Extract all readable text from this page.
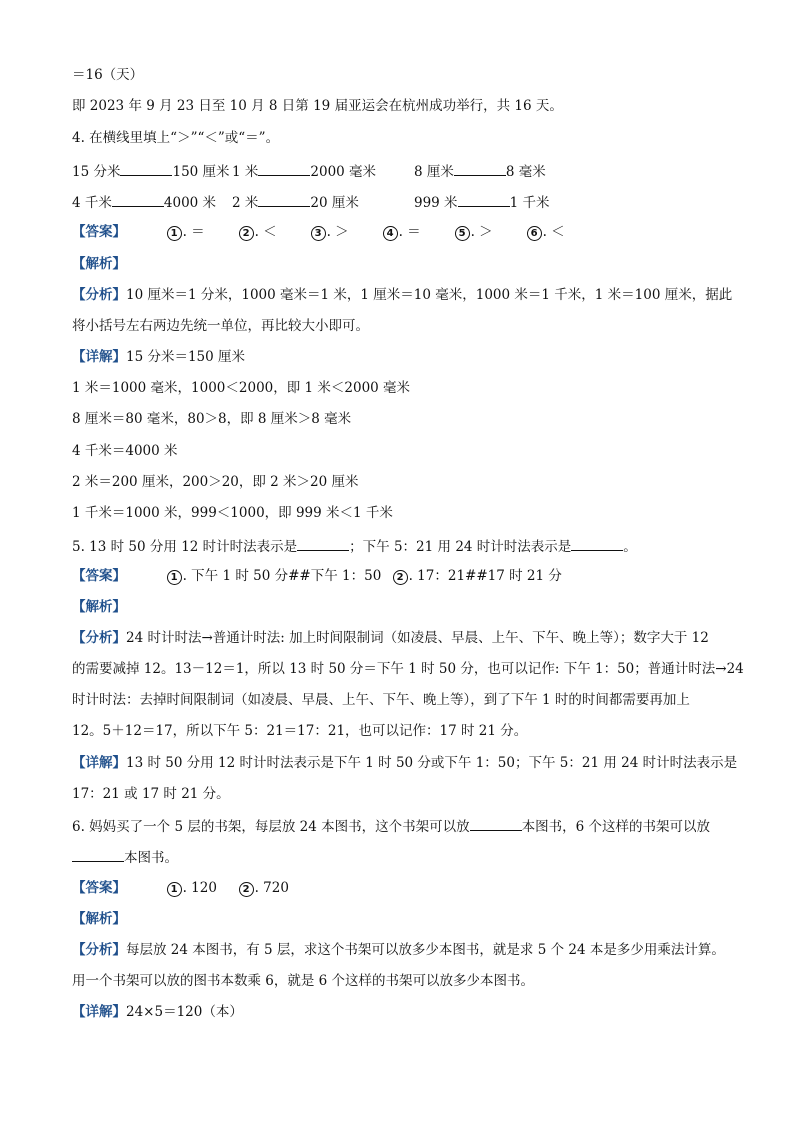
＝16（天）
即 2023 年 9 月 23 日至 10 月 8 日第 19 届亚运会在杭州成功举行，共 16 天。
4. 在横线里填上“＞”“＜”或“＝”。
15 分米	150 厘米 1 米	2000 毫米	8 厘米	8 毫米
4 千米	4000 米 2 米	20 厘米	999 米	1 千米
【答案】	1 . ＝	2 . ＜	3 . ＞	4 . ＝	5 . ＞	6 . ＜
【解析】
【分析】10 厘米＝1 分米，1000 毫米＝1 米，1 厘米＝10 毫米，1000 米＝1 千米，1 米＝100 厘米，据此
将小括号左右两边先统一单位，再比较大小即可。
【详解】15 分米＝150 厘米
1 米＝1000 毫米，1000＜2000，即 1 米＜2000 毫米
8 厘米＝80 毫米，80＞8，即 8 厘米＞8 毫米
4 千米＝4000 米
2 米＝200 厘米，200＞20，即 2 米＞20 厘米
1 千米＝1000 米，999＜1000，即 999 米＜1 千米
5. 13 时 50 分用 12 时计时法表示是	；下午 5：21 用 24 时计时法表示是	。
【答案】	1 . 下午 1 时 50 分##下午 1：50 2 . 17：21##17 时 21 分
【解析】
【分析】24 时计时法→普通计时法: 加上时间限制词（如凌晨、早晨、上午、下午、晚上等）；数字大于 12
的需要减掉 12。13－12＝1，所以 13 时 50 分＝下午 1 时 50 分，也可以记作: 下午 1：50；普通计时法→24
时计时法：去掉时间限制词（如凌晨、早晨、上午、下午、晚上等），到了下午 1 时的时间都需要再加上
12。5＋12＝17，所以下午 5：21＝17：21，也可以记作：17 时 21 分。
【详解】13 时 50 分用 12 时计时法表示是下午 1 时 50 分或下午 1：50；下午 5：21 用 24 时计时法表示是
17：21 或 17 时 21 分。
6. 妈妈买了一个 5 层的书架，每层放 24 本图书，这个书架可以放	本图书，6 个这样的书架可以放
本图书。
【答案】	1 . 120	2 . 720
【解析】
【分析】每层放 24 本图书，有 5 层，求这个书架可以放多少本图书，就是求 5 个 24 本是多少用乘法计算。
用一个书架可以放的图书本数乘 6，就是 6 个这样的书架可以放多少本图书。
【详解】24×5＝120（本）
